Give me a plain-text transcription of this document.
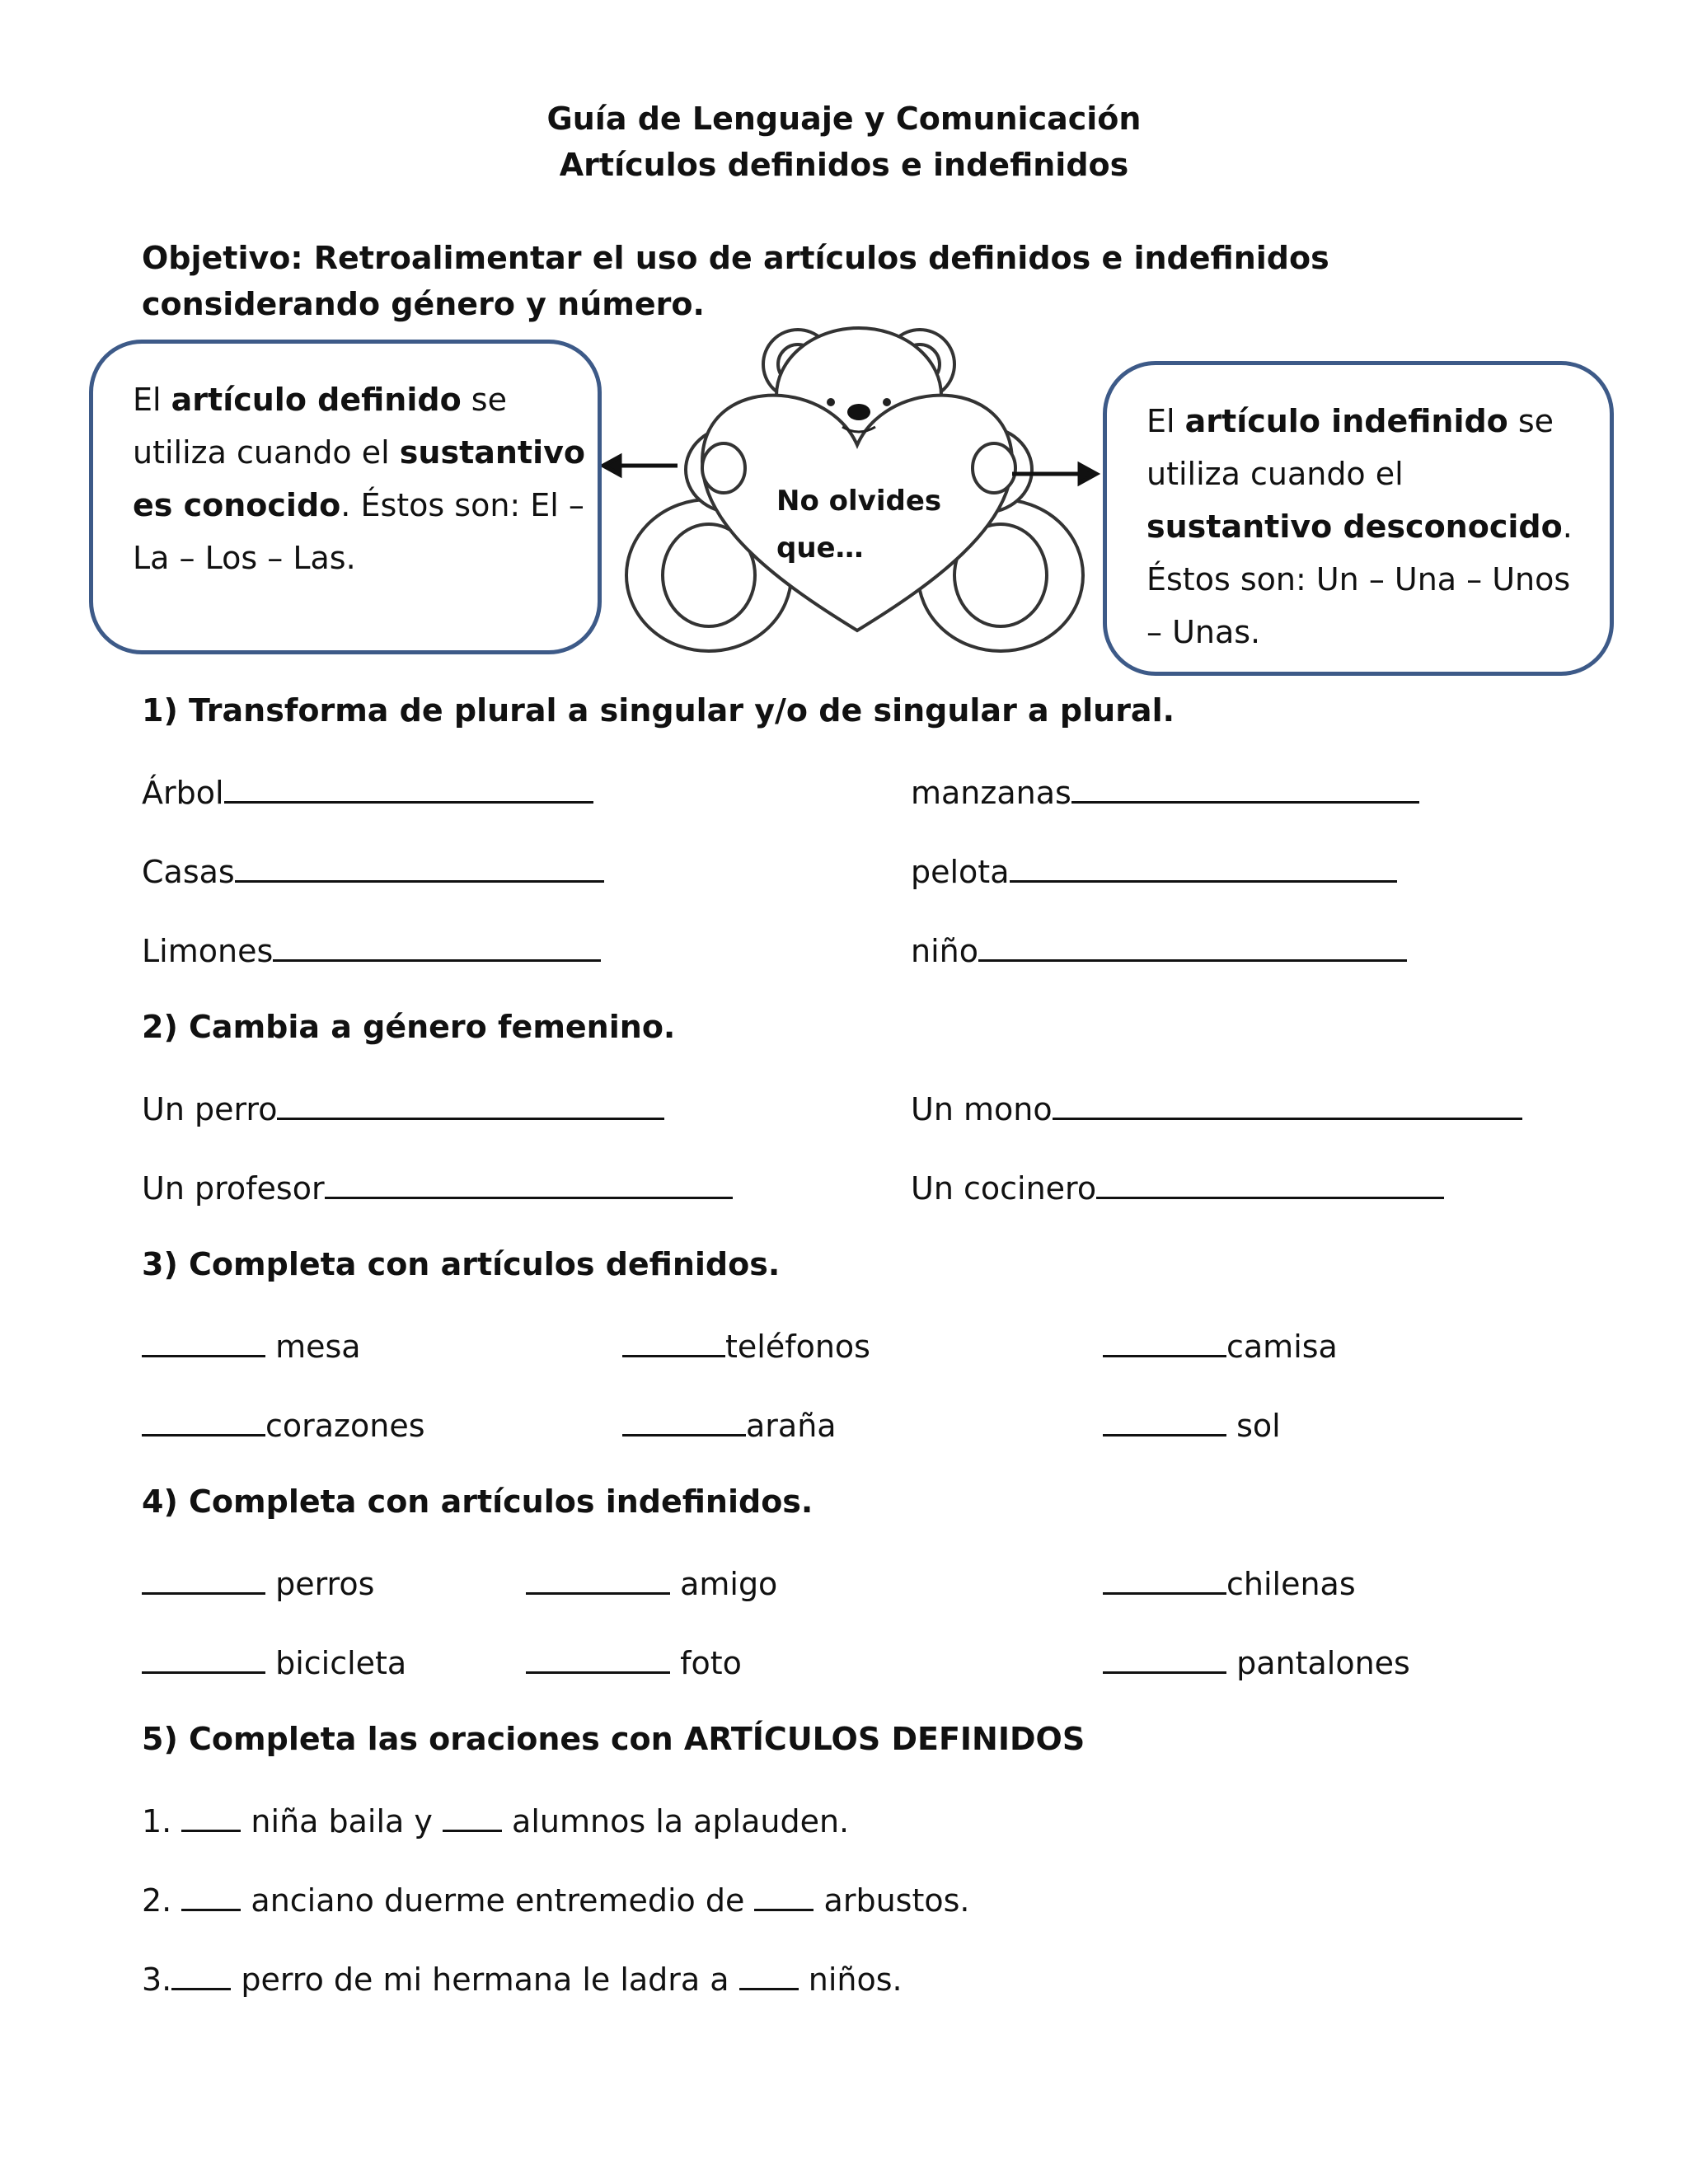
Guía de Lenguaje y Comunicación
Artículos definidos e indefinidos
Objetivo: Retroalimentar el uso de artículos definidos e indefinidos considerando género y número.

El artículo definido se utiliza cuando el sustantivo es conocido. Éstos son: El – La – Los – Las.

El artículo indefinido se utiliza cuando el sustantivo desconocido. Éstos son: Un – Una – Unos – Unas.

No olvides
que…
1) Transforma de plural a singular y/o de singular a plural.
Árbol	manzanas
Casas	pelota
Limones	niño
2) Cambia a género femenino.
Un perro	Un mono
Un profesor	Un cocinero
3) Completa con artículos definidos.
mesa	teléfonos	camisa
corazones	araña	sol
4) Completa con artículos indefinidos.
perros	amigo	chilenas
bicicleta	foto	pantalones
5) Completa las oraciones con ARTÍCULOS DEFINIDOS
1.  niña baila y  alumnos la aplauden.
2.  anciano duerme entremedio de  arbustos.
3. perro de mi hermana le ladra a  niños.
